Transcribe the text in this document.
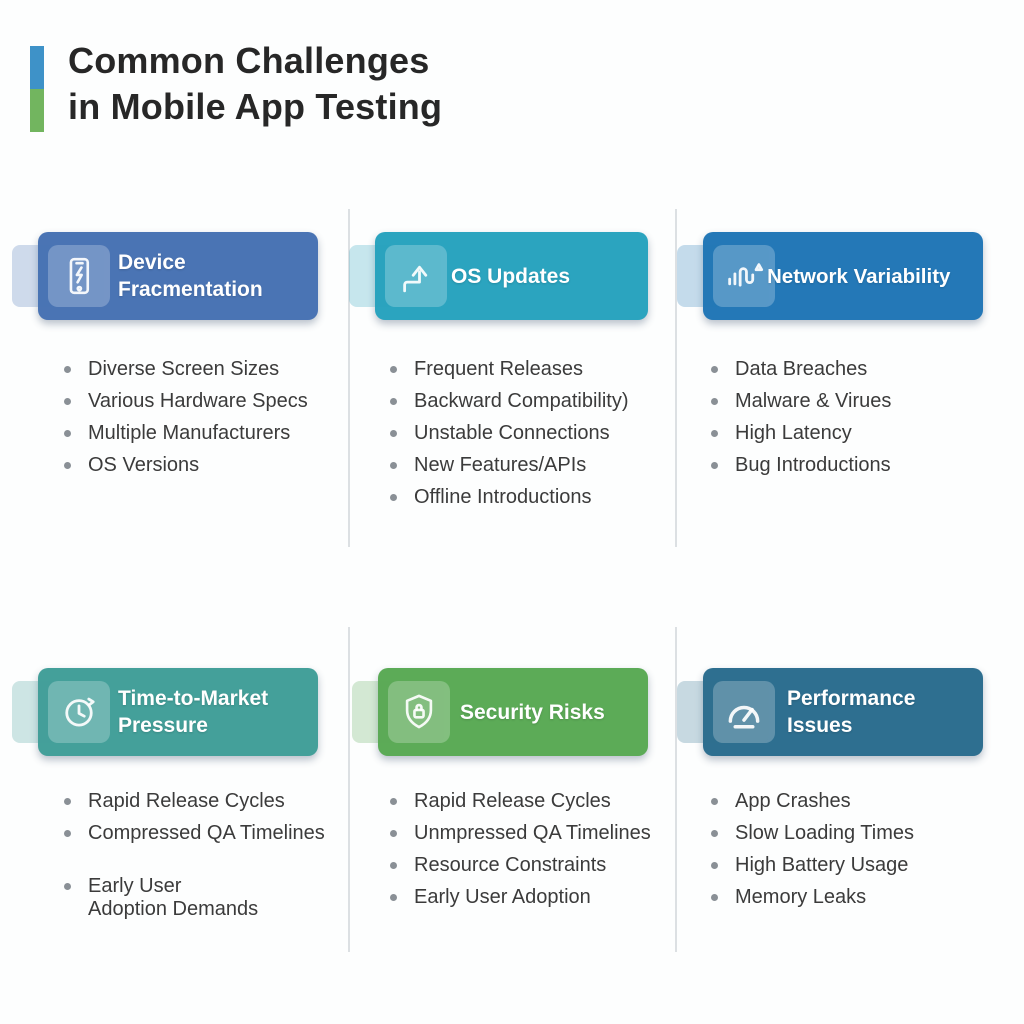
Common Challenges
in Mobile App Testing
Device Fracmentation
Diverse Screen Sizes
Various Hardware Specs
Multiple Manufacturers
OS Versions
OS Updates
Frequent Releases
Backward Compatibility)
Unstable Connections
New Features/APIs
Offline Introductions
Network Variability
Data Breaches
Malware & Virues
High Latency
Bug Introductions
Time-to-Market Pressure
Rapid Release Cycles
Compressed QA Timelines
Early User Adoption Demands
Security Risks
Rapid Release Cycles
Unmpressed QA Timelines
Resource Constraints
Early User Adoption
Performance Issues
App Crashes
Slow Loading Times
High Battery Usage
Memory Leaks
